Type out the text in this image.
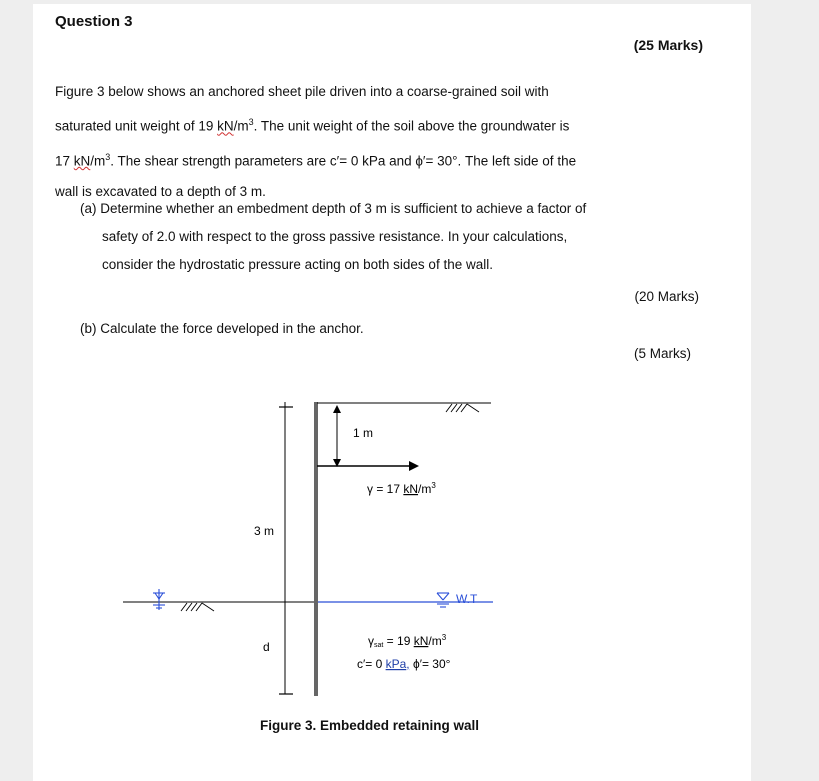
Question 3
(25 Marks)

Figure 3 below shows an anchored sheet pile driven into a coarse-grained soil with

saturated unit weight of 19 $kN/m^3$. The unit weight of the soil above the groundwater is

17 $kN/m^3$. The shear strength parameters are c′= 0 kPa and ϕ′= 30°. The left side of the

wall is excavated to a depth of 3 m.

(a) Determine whether an embedment depth of 3 m is sufficient to achieve a factor of
safety of 2.0 with respect to the gross passive resistance. In your calculations,
consider the hydrostatic pressure acting on both sides of the wall.
(20 Marks)
(b) Calculate the force developed in the anchor.
(5 Marks)
W.T
3 m
d
1 m
γ = 17 $kN/m^3$
γsat = 19 $kN/m^3$
c′= 0 kPa, ϕ′= 30°
Figure 3. Embedded retaining wall
